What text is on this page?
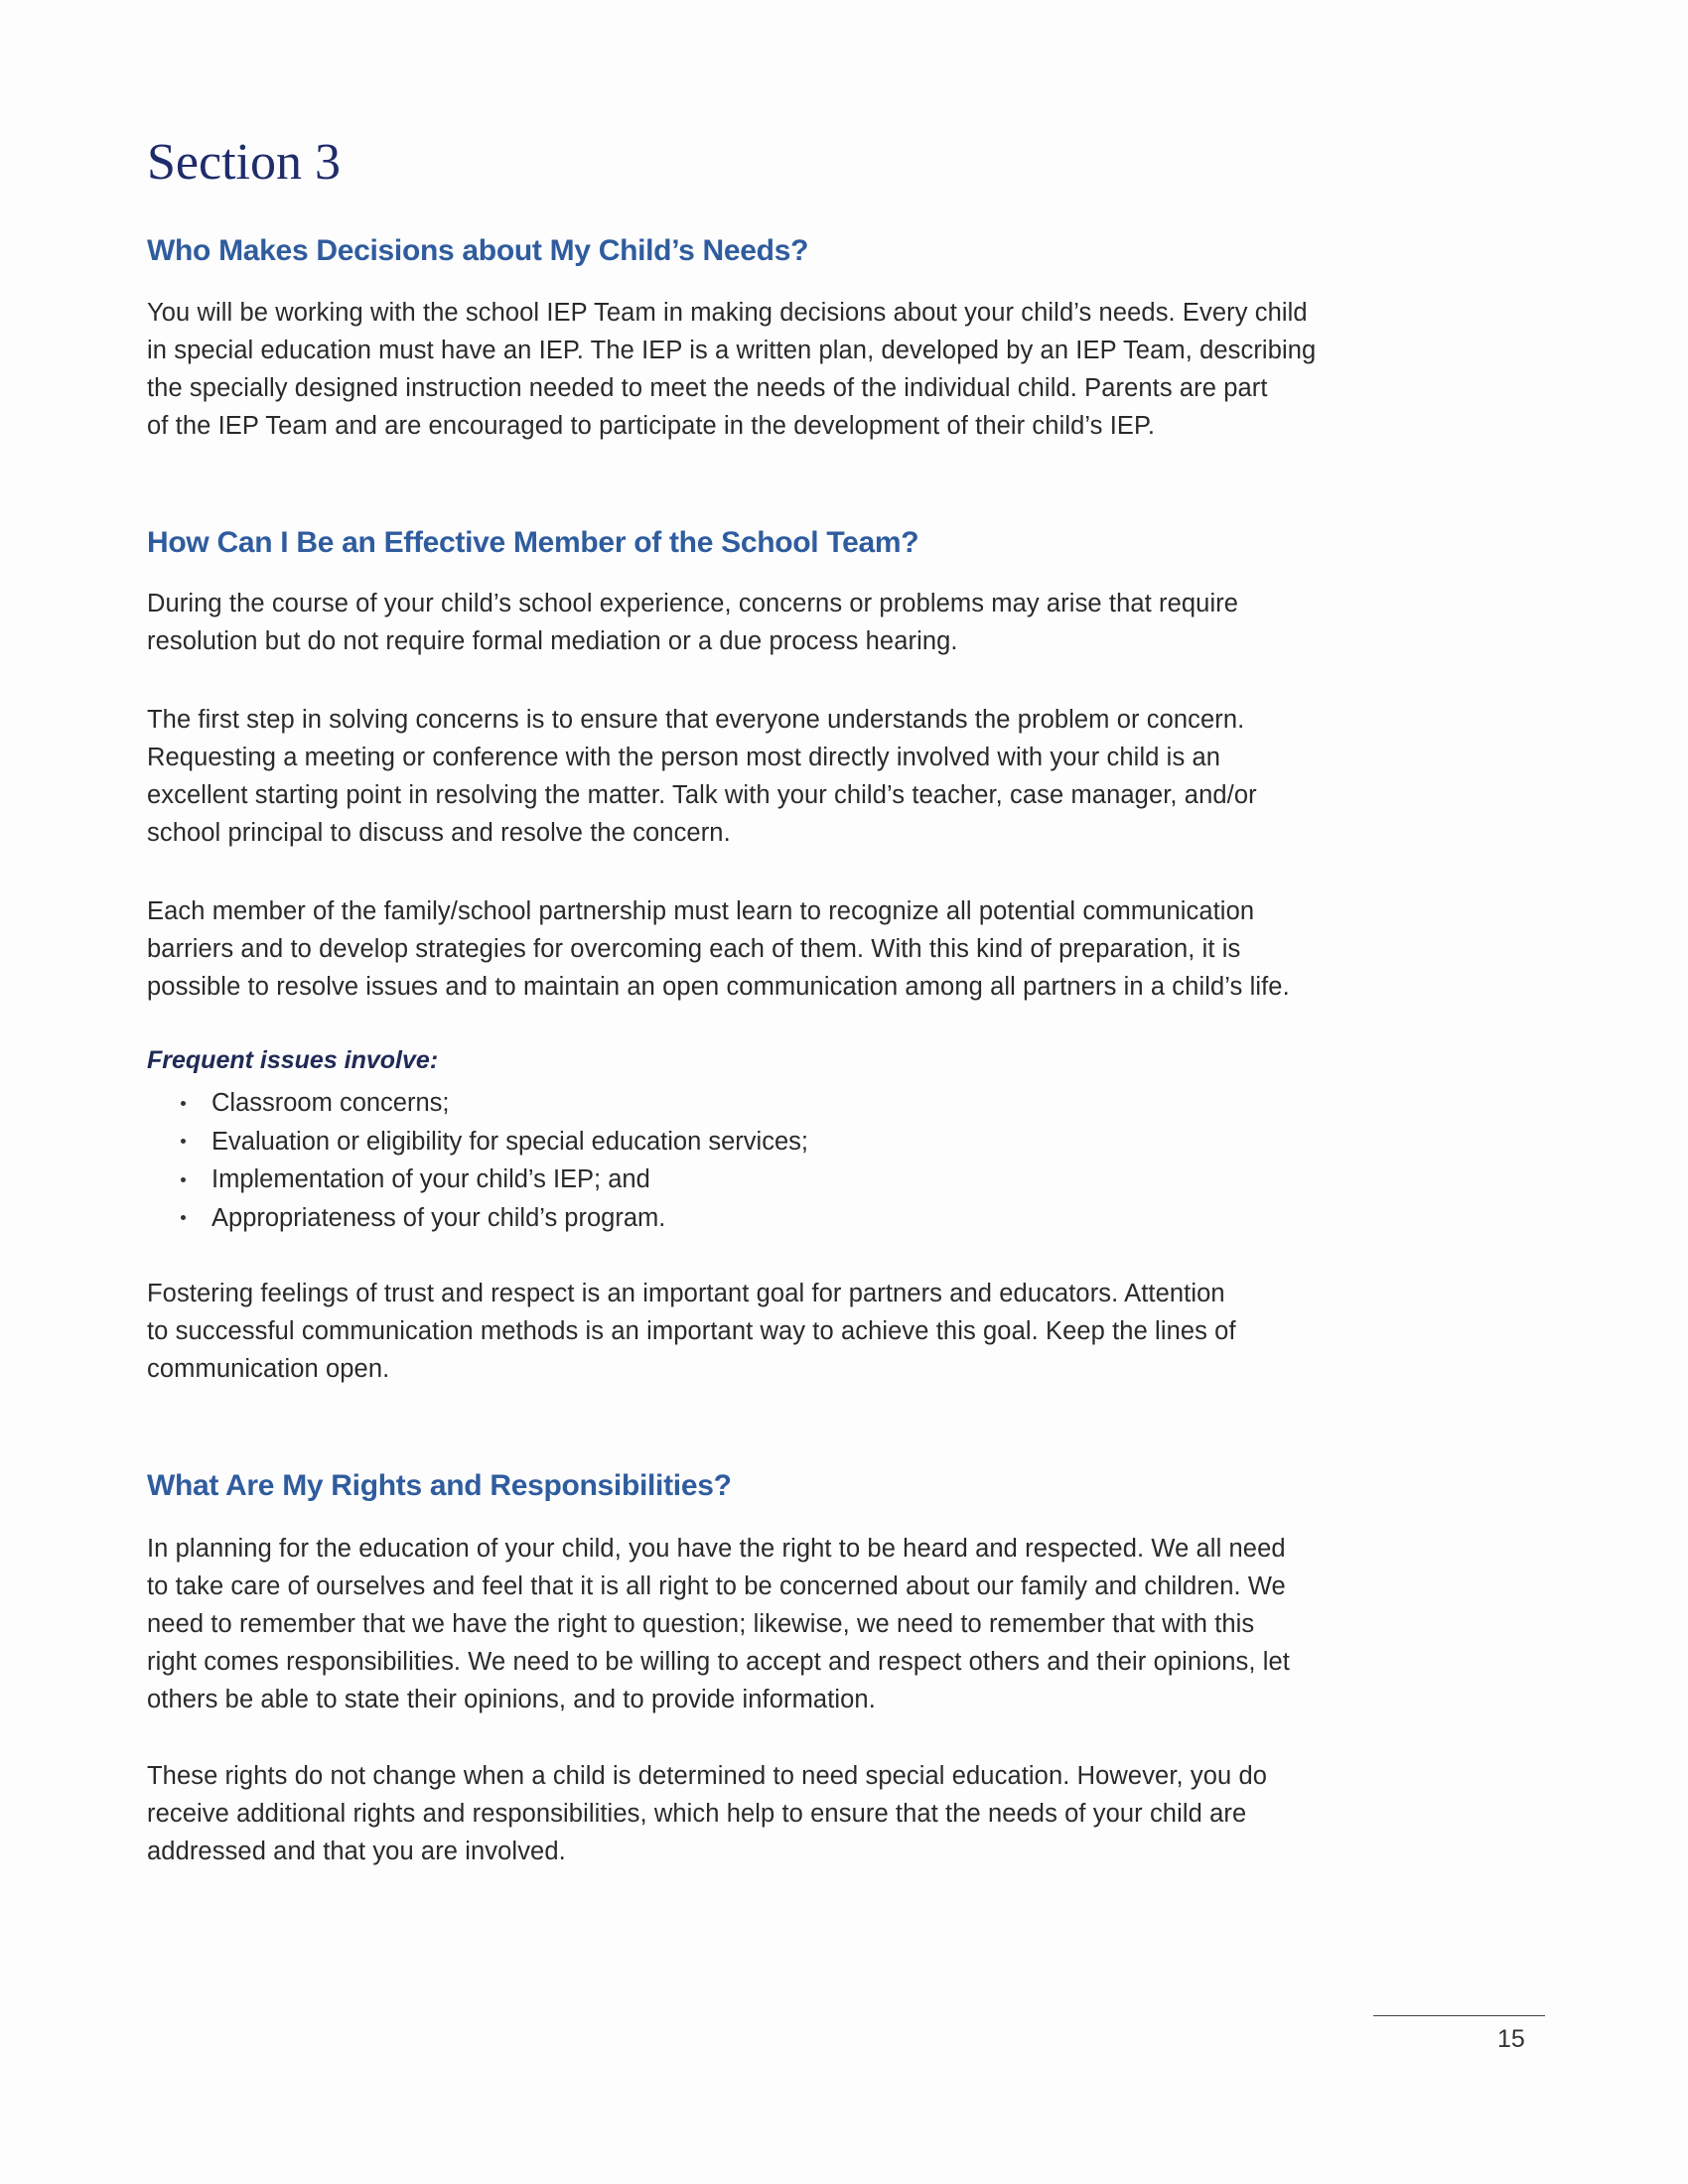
Section 3
Who Makes Decisions about My Child’s Needs?
You will be working with the school IEP Team in making decisions about your child’s needs. Every child
in special education must have an IEP. The IEP is a written plan, developed by an IEP Team, describing
the specially designed instruction needed to meet the needs of the individual child. Parents are part
of the IEP Team and are encouraged to participate in the development of their child’s IEP.
How Can I Be an Effective Member of the School Team?
During the course of your child’s school experience, concerns or problems may arise that require
resolution but do not require formal mediation or a due process hearing.
The first step in solving concerns is to ensure that everyone understands the problem or concern.
Requesting a meeting or conference with the person most directly involved with your child is an
excellent starting point in resolving the matter. Talk with your child’s teacher, case manager, and/or
school principal to discuss and resolve the concern.
Each member of the family/school partnership must learn to recognize all potential communication
barriers and to develop strategies for overcoming each of them. With this kind of preparation, it is
possible to resolve issues and to maintain an open communication among all partners in a child’s life.
Frequent issues involve:
Classroom concerns;
Evaluation or eligibility for special education services;
Implementation of your child’s IEP; and
Appropriateness of your child’s program.
Fostering feelings of trust and respect is an important goal for partners and educators. Attention
to successful communication methods is an important way to achieve this goal. Keep the lines of
communication open.
What Are My Rights and Responsibilities?
In planning for the education of your child, you have the right to be heard and respected. We all need
to take care of ourselves and feel that it is all right to be concerned about our family and children. We
need to remember that we have the right to question; likewise, we need to remember that with this
right comes responsibilities. We need to be willing to accept and respect others and their opinions, let
others be able to state their opinions, and to provide information.
These rights do not change when a child is determined to need special education. However, you do
receive additional rights and responsibilities, which help to ensure that the needs of your child are
addressed and that you are involved.
15
